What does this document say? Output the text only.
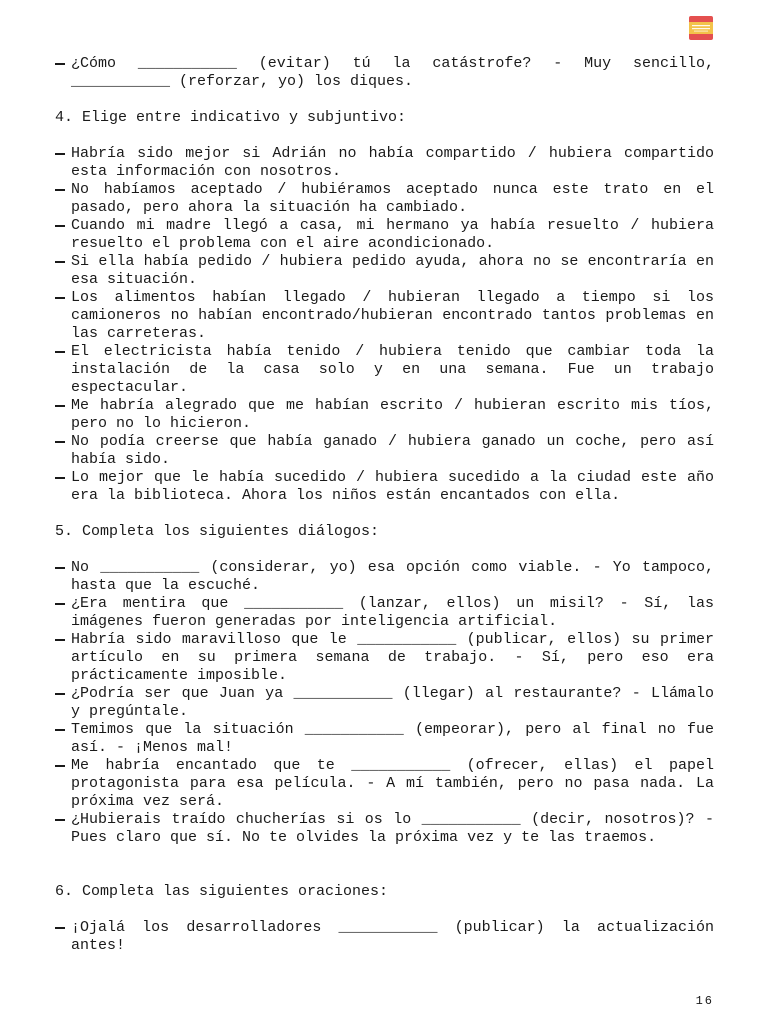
¿Cómo ___________ (evitar) tú la catástrofe? - Muy sencillo, ___________ (reforzar, yo) los diques.
4. Elige entre indicativo y subjuntivo:
Habría sido mejor si Adrián no había compartido / hubiera compartido esta información con nosotros.
No habíamos aceptado / hubiéramos aceptado nunca este trato en el pasado, pero ahora la situación ha cambiado.
Cuando mi madre llegó a casa, mi hermano ya había resuelto / hubiera resuelto el problema con el aire acondicionado.
Si ella había pedido / hubiera pedido ayuda, ahora no se encontraría en esa situación.
Los alimentos habían llegado / hubieran llegado a tiempo si los camioneros no habían encontrado/hubieran encontrado tantos problemas en las carreteras.
El electricista había tenido / hubiera tenido que cambiar toda la instalación de la casa solo y en una semana. Fue un trabajo espectacular.
Me habría alegrado que me habían escrito / hubieran escrito mis tíos, pero no lo hicieron.
No podía creerse que había ganado / hubiera ganado un coche, pero así había sido.
Lo mejor que le había sucedido / hubiera sucedido a la ciudad este año era la biblioteca. Ahora los niños están encantados con ella.
5. Completa los siguientes diálogos:
No ___________ (considerar, yo) esa opción como viable. - Yo tampoco, hasta que la escuché.
¿Era mentira que ___________ (lanzar, ellos) un misil? - Sí, las imágenes fueron generadas por inteligencia artificial.
Habría sido maravilloso que le ___________ (publicar, ellos) su primer artículo en su primera semana de trabajo. - Sí, pero eso era prácticamente imposible.
¿Podría ser que Juan ya ___________ (llegar) al restaurante? - Llámalo y pregúntale.
Temimos que la situación ___________ (empeorar), pero al final no fue así. - ¡Menos mal!
Me habría encantado que te ___________ (ofrecer, ellas) el papel protagonista para esa película. - A mí también, pero no pasa nada. La próxima vez será.
¿Hubierais traído chucherías si os lo ___________ (decir, nosotros)? - Pues claro que sí. No te olvides la próxima vez y te las traemos.
6. Completa las siguientes oraciones:
¡Ojalá los desarrolladores ___________ (publicar) la actualización antes!
16
